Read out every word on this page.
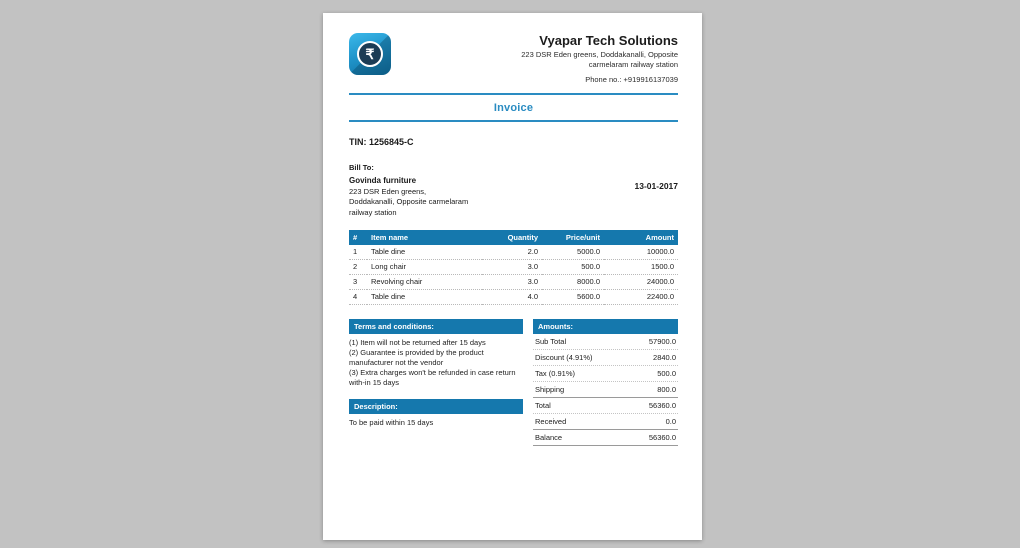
₹
Vyapar Tech Solutions
223 DSR Eden greens, Doddakanalli, Opposite
carmelaram railway station
Phone no.: +919916137039
Invoice
TIN: 1256845-C
Bill To:
Govinda furniture
223 DSR Eden greens,
Doddakanalli, Opposite carmelaram
railway station
13-01-2017
#	Item name	Quantity	Price/unit	Amount
1	Table dine	2.0	5000.0	10000.0
2	Long chair	3.0	500.0	1500.0
3	Revolving chair	3.0	8000.0	24000.0
4	Table dine	4.0	5600.0	22400.0
Terms and conditions:
(1) Item will not be returned after 15 days
(2) Guarantee is provided by the product manufacturer not the vendor
(3) Extra charges won't be refunded in case return with-in 15 days
Description:
To be paid within 15 days
Amounts:
Sub Total	57900.0
Discount (4.91%)	2840.0
Tax (0.91%)	500.0
Shipping	800.0
Total	56360.0
Received	0.0
Balance	56360.0
